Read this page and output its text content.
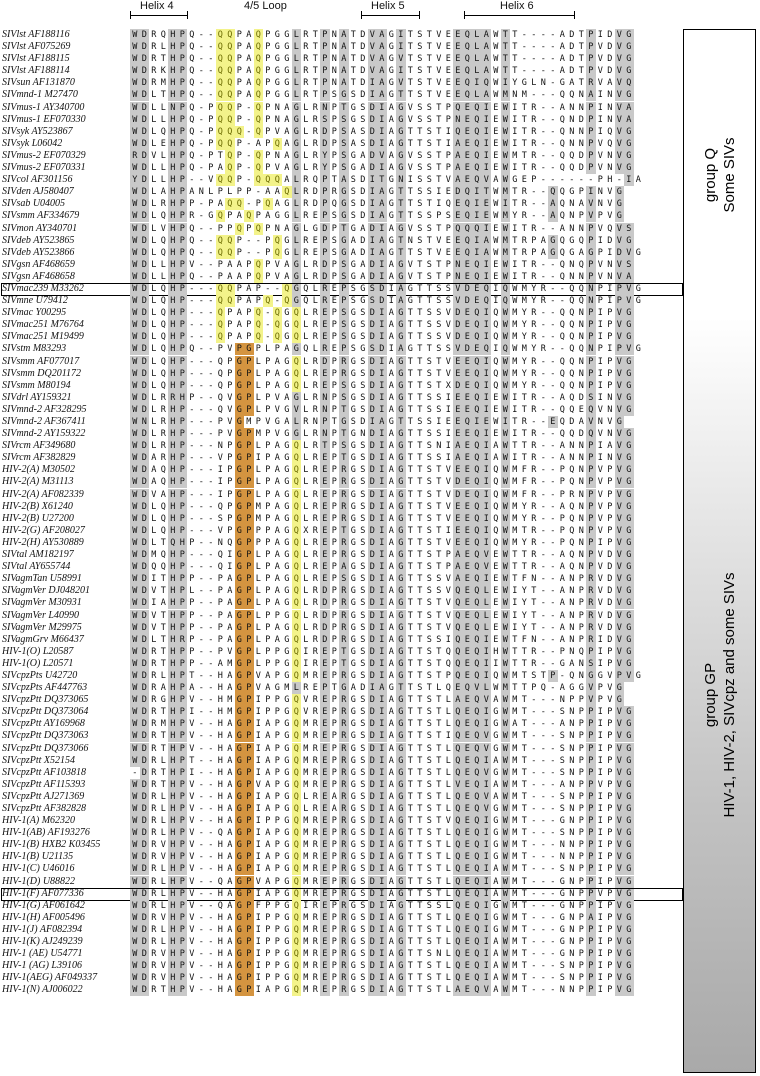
Helix 4	4/5 Loop	Helix 5	Helix 6
SIVlst AF188116	W D R Q H P Q - - Q Q P A Q P G G L R T P N A T D V A G I T S T V E E Q L A W T T - - - - A D T P I D V G
SIVlst AF075269	W D R L H P Q - - Q Q P A Q P G G L R T P N A T D V A G I T S T V E E Q L A W T T - - - - A D T P V D V G
SIVlst AF188115	W D R T H P Q - - Q Q P A Q P G G L R T P N A T D V A G V T S T V E E Q L A W T T - - - - A D T P V D V G
SIVlst AF188114	W D R K H P Q - - Q Q P A Q P G G L R T P N A T D V A G I T S T V E E Q L A W T T - - - - A D T P V D V G
SIVsun AF131870	W D R M H P Q - - Q Q P A Q P G G L R T P N A T D I A G V T S T V E E Q I Q W I Y G L N - G A T R V A V Q
SIVmnd-1 M27470	W D L T H P Q - - Q Q P A Q P G G L R T P S G S D I A G T T S T V E E Q L A W M N M - - - Q Q N A I N V G
SIVmus-1 AY340700	W D L L N P Q - P Q Q P - Q P N A G L R N P T G S D I A G V S S T P Q E Q I E W I T R - - A N N P I N V A
SIVmus-1 EF070330	W D L L H P Q - P Q Q P - Q P N A G L R S P S G S D I A G V S S T P N E Q I E W I T R - - Q N D P I N V A
SIVsyk AY523867	W D L Q H P Q - P Q Q Q - Q P V A G L R D P S A S D I A G T T S T I Q E Q I E W I T R - - Q N N P I Q V G
SIVsyk L06042	W D L E H P Q - P Q Q P - A P Q A G L R D P S A S D I A G T T S T I A E Q I E W I T R - - Q N N P V Q V G
SIVmus-2 EF070329	R D V L H P Q - P T Q P - Q P N A G L R Y P S G A D V A G V S S T P A E Q I E W M T R - - Q Q D P V N V G
SIVmus-2 EF070331	W D L L H P Q - P A Q P - Q P V A G L R Y P S G A D I A G V S S T P A E Q I E W I T R - - Q Q D P V N V G
SIVcol AF301156	Y D L L H P - - V Q Q P - Q Q Q A L R Q P T A S D I T G N I S S T V A E Q V A W G E P - - - - - - P H - I A
SIVden AJ580407	W D L A H P A N L P L P P - A A Q L R D P R G S D I A G T T S S I E D Q I T W M T R - - Q Q G P I N V G
SIVsab U04005	W D L R H P P - P A Q Q - P Q A G L R D P Q G S D I A G T T S T I Q E Q I E W I T R - - A Q N A V N V G
SIVsmm AF334679	W D L Q H P R - G Q P A Q P A G G L R E P S G S D I A G T T S S P S E Q I E W M Y R - - A Q N P V P V G
SIVmon AY340701	W D L V H P Q - - P P Q P Q P N A G L G D P T G A D I A G V S S T P Q Q Q I E W I T R - - A N N P V Q V S
SIVdeb AY523865	W D L Q H P Q - - Q Q P - - P Q G L R E P S G A D I A G T N S T V E E Q I A W M T R P A G Q G Q P I D V G
SIVdeb AY523866	W D L Q H P Q - - Q Q P - - P Q G L R E P S G A D I A G T T S T V E E Q I A W M T R P A G Q G A G P I D V G
SIVgsn AF468659	W D L L H P V - - P A A P Q P V A G L R D P S G A D I A G V T S T P N E Q I E W I T R - - Q N Q P V N V S
SIVgsn AF468658	W D L L H P Q - - P A A P Q P V A G L R D P S G A D I A G V T S T P N E Q I E W I T R - - Q N N P V N V A
SIVmac239 M33262	W D L Q H P - - - Q Q P A P - - Q G Q L R E P S G S D I A G T T S S V D E Q I Q W M Y R - - Q Q N P I P V G
SIVmne U79412	W D L Q H P - - - Q Q P A P Q - Q G Q L R E P S G S D I A G T T S S V D E Q I Q W M Y R - - Q Q N P I P V G
SIVmac Y00295	W D L Q H P - - - Q P A P Q - Q G Q L R E P S G S D I A G T T S S V D E Q I Q W M Y R - - Q Q N P I P V G
SIVmac251 M76764	W D L Q H P - - - Q P A P Q - Q G Q L R E P S G S D I A G T T S S V D E Q I Q W M Y R - - Q Q N P I P V G
SIVmac251 M19499	W D L Q H P - - - Q P A P Q - Q G Q L R E P S G S D I A G T T S S V D E Q I Q W M Y R - - Q Q N P I P V G
SIVstm M83293	W D L Q H P Q - - P V P G P L P A G Q L R E P S G S D I A G T T S S V D E Q I Q W M Y R - - Q Q N P I P V G
SIVsmm AF077017	W D L Q H P - - - Q P G P L P A G Q L R D P R G S D I A G T T S T V E E Q I Q W M Y R - - Q Q N P I P V G
SIVsmm DQ201172	W D L Q H P - - - Q P G P L P A G Q L R E P R G S D I A G T T S T V E E Q I Q W M Y R - - Q Q N P I P V G
SIVsmm M80194	W D L Q H P - - - Q P G P L P A G Q L R E P S G S D I A G T T S T X D E Q I Q W M Y R - - Q Q N P I P V G
SIVdrl AY159321	W D L R R H P - - Q V G P L P V A G L R N P S G S D I A G T T S S I E E Q I E W I T R - - A Q D S I N V G
SIVmnd-2 AF328295	W D L R H P - - - Q V G P L P V G V L R N P T G S D I A G T T S S I E E Q I E W I T R - - Q Q E Q V N V G
SIVmnd-2 AF367411	W N L R H P - - - P V G M P V G A L R N P T G S D I A G T T S S I E E Q I E W I T R - - E Q D A V N V G
SIVmnd-2 AY159322	W D L R H P - - - P V G P M P V G G L R N P T G N D I A G T T S S I E E Q I E W I T R - - Q Q D Q V N V G
SIVrcm AF349680	W D L R H P - - - N P G P L P A G Q L R T P S G S D I A G T T S N I A E Q I A W T T R - - A N N P I A V G
SIVrcm AF382829	W D A R H P - - - V P G P I P A G Q L R E P T G S D I A G T T S S I A E Q I A W I T R - - A N N P I N V G
HIV-2(A) M30502	W D A Q H P - - - I P G P L P A G Q L R E P R G S D I A G T T S T V E E Q I Q W M F R - - P Q N P V P V G
HIV-2(A) M31113	W D A Q H P - - - I P G P L P A G Q L R E P R G S D I A G T T S T V D E Q I Q W M F R - - P Q N P V P V G
HIV-2(A) AF082339	W D V A H P - - - I P G P L P A G Q L R E P R G S D I A G T T S T V D E Q I Q W M F R - - P R N P V P V G
HIV-2(B) X61240	W D L Q H P - - - Q P G P M P A G Q L R E P R G S D I A G T T S T V E E Q I Q W M Y R - - A Q N P V P V G
HIV-2(B) U27200	W D L Q H P - - - S P G P M P A G Q L R E P R G S D I A G T T S T V E E Q I Q W M Y R - - P Q N P V P V G
HIV-2(G) AF208027	W D L Q H P - - - V P G P P P A G Q X R E P T G S D I A G T T S T I E E Q I Q W M T R - - P Q N P V P V G
HIV-2(H) AY530889	W D L T Q H P - - N Q G P P P A G Q L R E P R G S D I A G T T S T V E E Q I Q W M Y R - - P Q N P I P V G
SIVtal AM182197	W D M Q H P - - - Q I G P L P A G Q L R E P R G S D I A G T T S T P A E Q V E W T T R - - A Q N P V D V G
SIVtal AY655744	W D Q Q H P - - - Q I G P L P A G Q L R E P A G S D I A G T T S T P A E Q V E W T T R - - A Q N P V D V G
SIVagmTan U58991	W D I T H P P - - P A G P L P A G Q L R E P S G S D I A G T T S S V A E Q I E W T F N - - A N P R V D V G
SIVagmVer DJ048201	W D V T H P L - - P A G P L P A G Q L R D P R G S D I A G T T S S V Q E Q L E W I Y T - - A N P R V D V G
SIVagmVer M30931	W D I A H P P - - P A G P L P A G Q L R D P R G S D I A G T T S T V Q E Q L E W I Y T - - A N P R V D V G
SIVagmVer L40990	W D V T H P P - - P A G P L P P G Q L R D P R G S D I A G T T S T V Q E Q L E W I Y T - - A N P R V D V G
SIVagmVer M29975	W D V T H P P - - P A G P L P A G Q L R D P R G S D I A G T T S T V Q E Q L E W I Y T - - A N P R V D V G
SIVagmGrv M66437	W D L T H R P - - P A G P L P A G Q L R D P R G S D I A G T T S S I Q E Q I E W T F N - - A N P R I D V G
HIV-1(O) L20587	W D R T H P P - - P V G P L P P G Q I R E P T G S D I A G T T S T Q Q E Q I H W T T R - - P N Q P I P V G
HIV-1(O) L20571	W D R T H P P - - A M G P L P P G Q I R E P T G S D I A G T T S T Q Q E Q I I W T T R - - G A N S I P V G
SIVcpzPts U42720	W D R L H P T - - H A G P V A P G Q M R E P R G S D I A G T T S T P Q E Q I Q W M T S T P - Q N G G V P V G
SIVcpzPts AF447763	W D R A H P A - - H A G P V A G M L R E P T G A D I A G T T S T L Q E Q V L W M T T P Q - A G G V P V G
SIVcpzPtt DQ373065	W D R G H P V - - H M G P I P P G Q V R E P R G S D I A G T T S T L A E Q V A W M T - - - N P P V P V G
SIVcpzPtt DQ373064	W D R T H P I - - H M G P I P P G Q V R E P R G S D I A G T T S T L Q E Q I G W M T - - - S N P P I P V G
SIVcpzPtt AY169968	W D R M H P V - - H A G P I A P G Q M R E P R G S D I A G T T S T L Q E Q I G W A T - - - A N P P I P V G
SIVcpzPtt DQ373063	W D R T H P V - - H A G P I A P G Q M R E P R G S D I A G T T S T I Q E Q V G W M T - - - S N P P I P V G
SIVcpzPtt DQ373066	W D R T H P V - - H A G P I A P G Q M R E P R G S D I A G T T S T L Q E Q V G W M T - - - S N P P I P V G
SIVcpzPtt X52154	W D R L H P T - - H A G P I A P G Q M R E P R G S D I A G T T S T L Q E Q I A W M T - - - S N P P I P V G
SIVcpzPtt AF103818	- D R T H P I - - H A G P I A P G Q M R E P R G S D I A G T T S T L Q E Q V G W M T - - - S N P P I P V G
SIVcpzPtt AF115393	W D R T H P V - - H A G P V A P G Q M R E P R G S D I A G T T S T L V E Q I A W M T - - - A N P P V P V G
SIVcpzPtt AJ271369	W D R L H P V - - H A G P I A P G Q L R E A R G S D I A G T T S T L Q E Q V A W M T - - - S N P P I P V G
SIVcpzPtt AF382828	W D R L H P V - - H A G P I A P G Q L R E A R G S D I A G T T S T L Q E Q V G W M T - - - S N P P I P V G
HIV-1(A) M62320	W D R L H P V - - H A G P I P P G Q M R E P R G S D I A G T T S T V Q E Q I G W M T - - - G N P P I P V G
HIV-1(AB) AF193276	W D R L H P V - - Q A G P I A P G Q M R E P R G S D I A G T T S T L Q E Q I G W M T - - - S N P P I P V G
HIV-1(B) HXB2 K03455	W D R V H P V - - H A G P I A P G Q M R E P R G S D I A G T T S T L Q E Q I G W M T - - - N N P P I P V G
HIV-1(B) U21135	W D R V H P V - - H A G P I A P G Q M R E P R G S D I A G T T S T L Q E Q I G W M T - - - N N P P I P V G
HIV-1(C) U46016	W D R L H P V - - H A G P I A P G Q M R E P R G S D I A G T T S T L Q E Q I A W M T - - - S N P P I P V G
HIV-1(D) U88822	W D R L H P V - - Q A G P V A P G Q M R E P R G S D I A G T T S T L Q E Q I A W M T - - - G N P P I P V G
HIV-1(F) AF077336	W D R L H P V - - H A G P I A P G Q M R E P R G S D I A G T T S T L Q E Q I A W M T - - - G N P P V P V G
HIV-1(G) AF061642	W D R L H P V - - Q A G P F P P G Q I R E P R G S D I A G T T S S L Q E Q I G W M T - - - G N P P I P V G
HIV-1(H) AF005496	W D R V H P V - - H A G P I P P G Q M R E P R G S D I A G T T S T L Q E Q I G W M T - - - G N P A I P V G
HIV-1(J) AF082394	W D R L H P V - - H A G P I P P G Q M R E P R G S D I A G T T S T L Q E Q I G W M T - - - G N P P I P V G
HIV-1(K) AJ249239	W D R L H P V - - H A G P I P P G Q M R E P R G S D I A G T T S T L Q E Q I A W M T - - - G N P P I P V G
HIV-1 (AE) U54771	W D R V H P V - - H A G P I P P G Q M R E P R G S D I A G T T S N L Q E Q I A W M T - - - G N P P I P V G
HIV-1 (AG) L39106	W D R V H P V - - H A G P I P P G Q M R E P R G S D I A G T T S T L Q E Q I A W M T - - - S N P P I P V G
HIV-1(AEG) AF049337	W D R V H P V - - H A G P I P P G Q M R E P R G S D I A G T T S T L Q E Q I A W M T - - - S N P P I P V G
HIV-1(N) AJ006022	W D R T H P V - - H A G P I A P G Q M R E P R G S D I A G T T S T L A E Q V A W M T - - - N N P P I P V G
group Q Some SIVs
group GP HIV-1, HIV-2, SIVcpz and some SIVs
